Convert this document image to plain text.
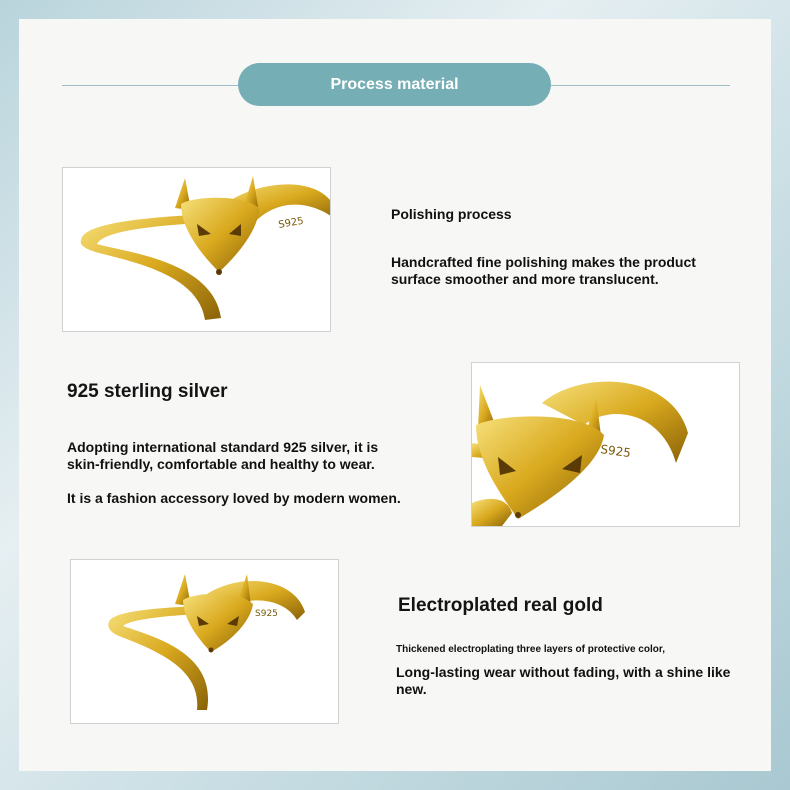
Process material
S925
Polishing process
Handcrafted fine polishing makes the product surface smoother and more translucent.
925 sterling silver
Adopting international standard 925 silver, it is skin-friendly, comfortable and healthy to wear.
It is a fashion accessory loved by modern women.
S925
S925	Electroplated real gold
Thickened electroplating three layers of protective color,
Long-lasting wear without fading, with a shine like new.
